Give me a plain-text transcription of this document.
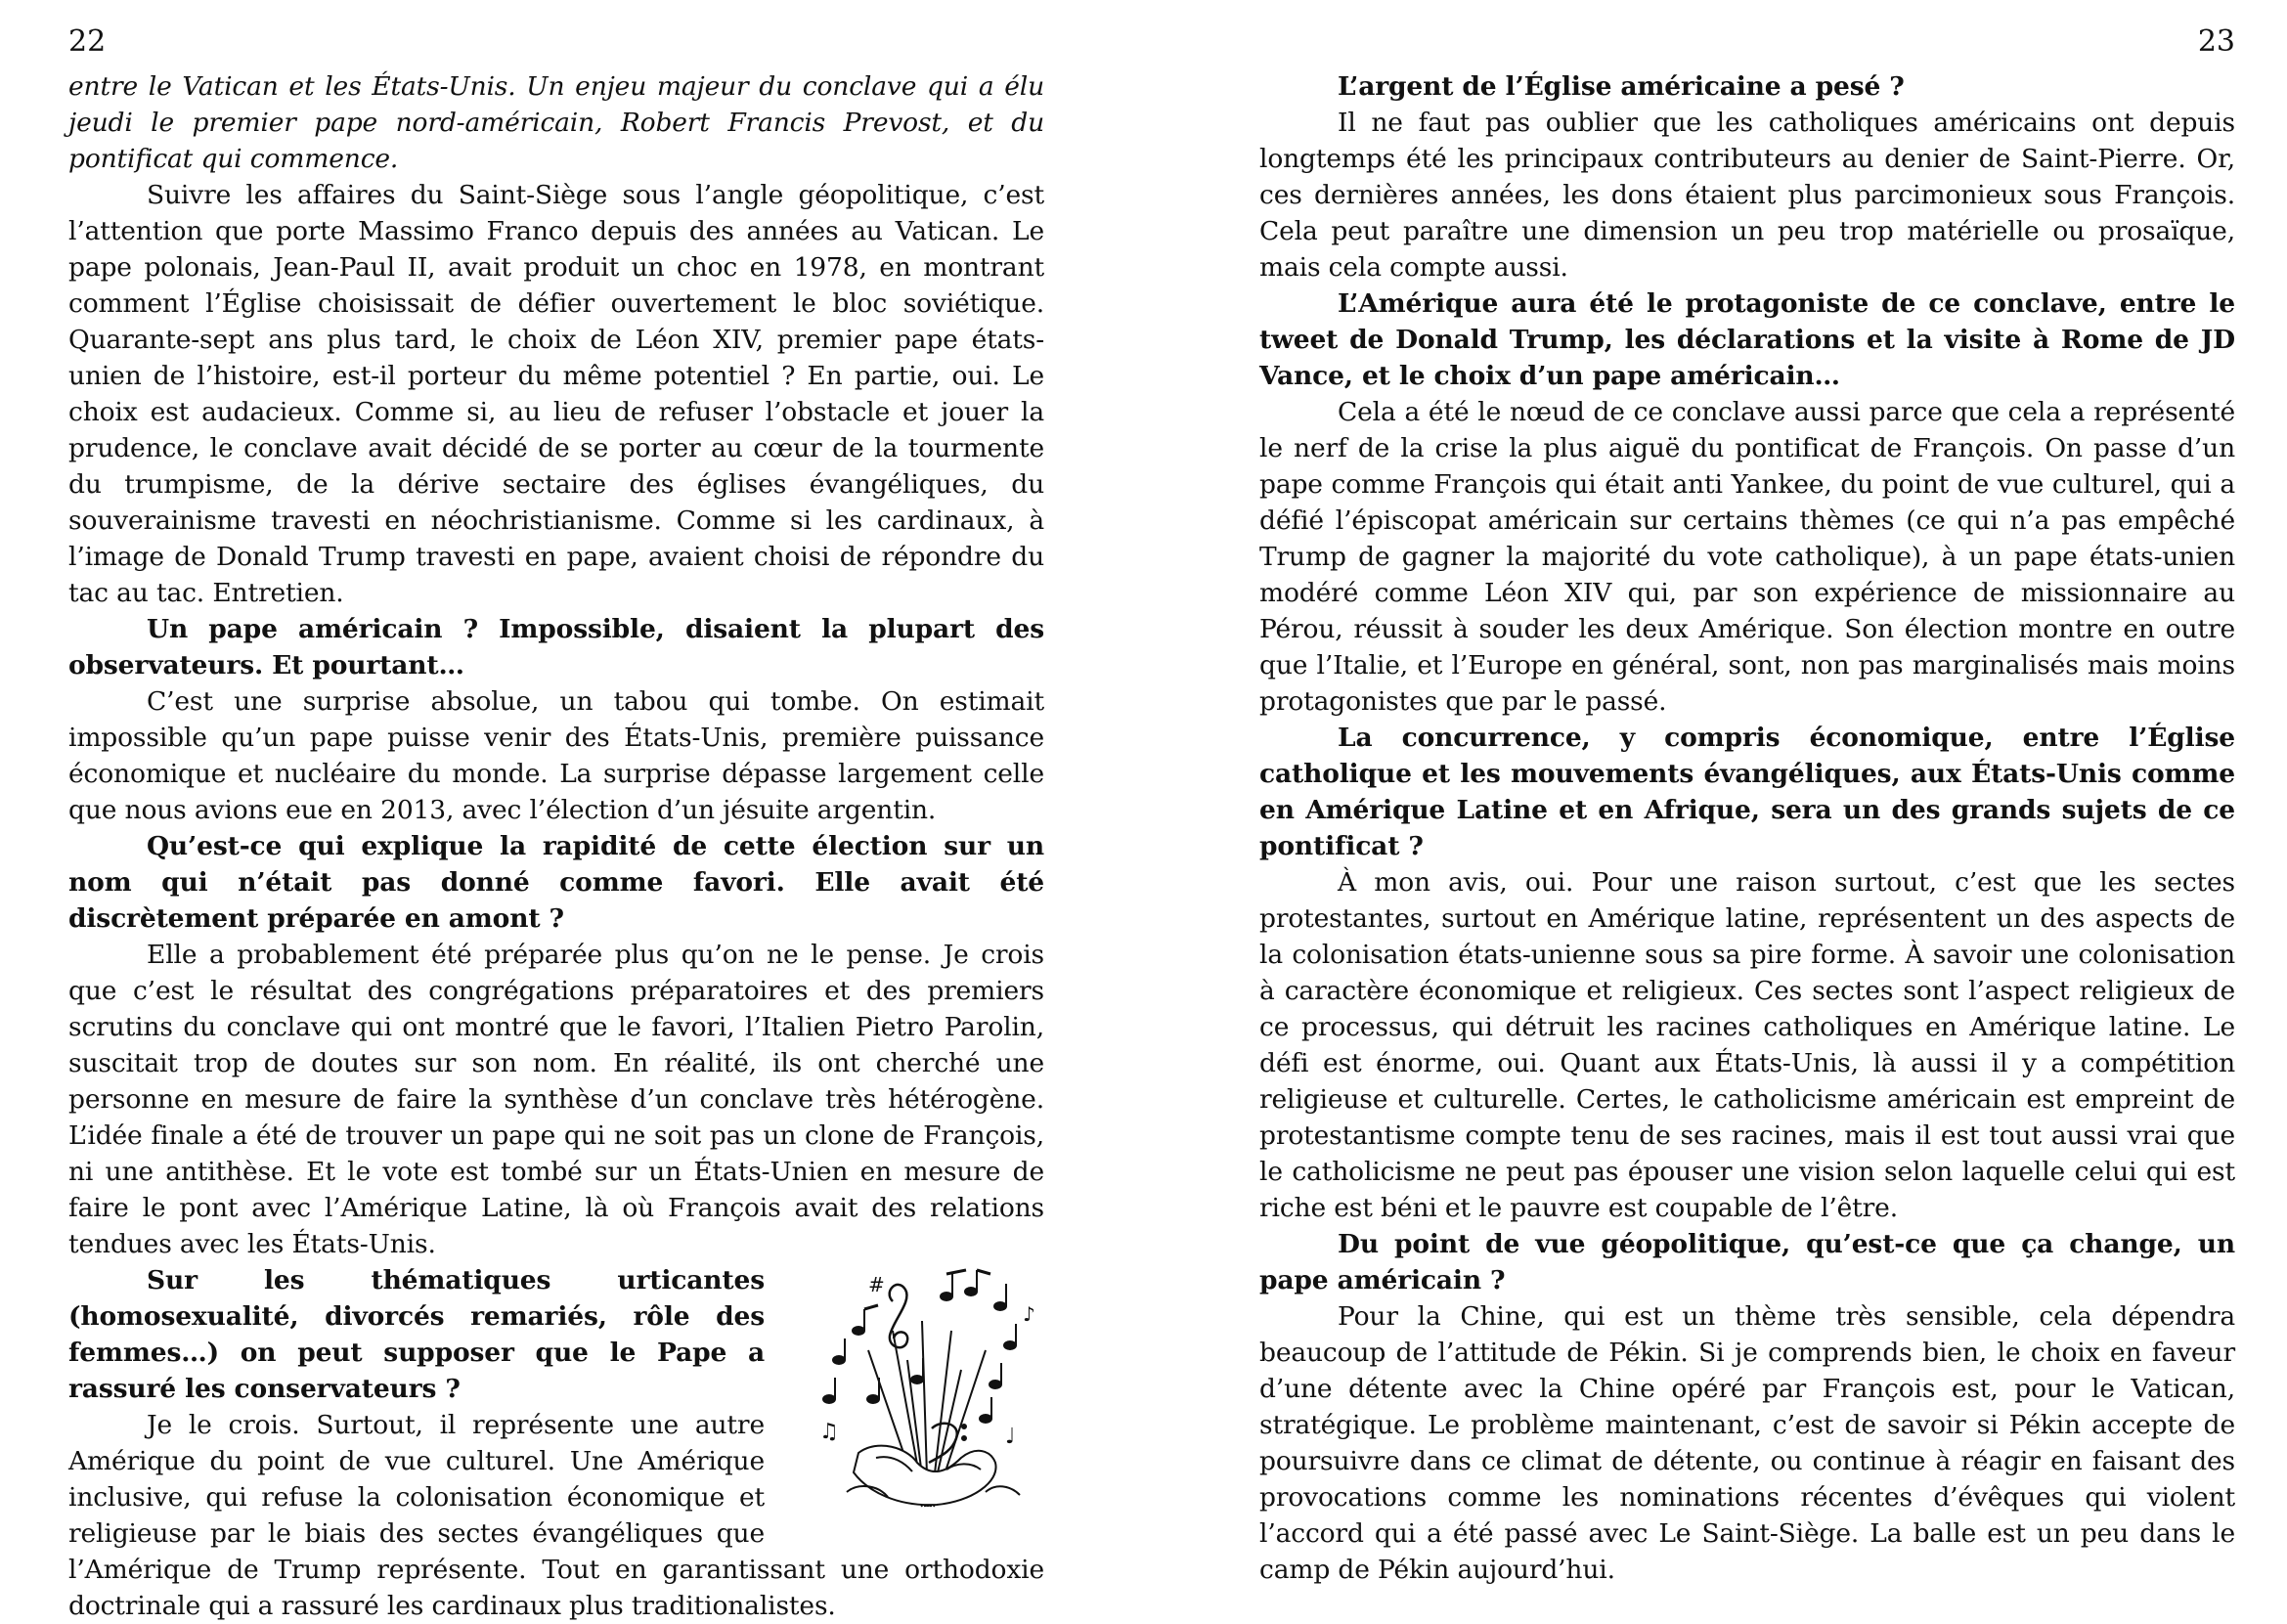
22

entre le Vatican et les États-Unis. Un enjeu majeur du conclave qui a élu jeudi le premier pape nord-américain, Robert Francis Prevost, et du pontificat qui commence.

Suivre les affaires du Saint-Siège sous l’angle géopolitique, c’est l’attention que porte Massimo Franco depuis des années au Vatican. Le pape polonais, Jean-Paul II, avait produit un choc en 1978, en montrant comment l’Église choisissait de défier ouvertement le bloc soviétique. Quarante-sept ans plus tard, le choix de Léon XIV, premier pape états-unien de l’histoire, est-il porteur du même potentiel ? En partie, oui. Le choix est audacieux. Comme si, au lieu de refuser l’obstacle et jouer la prudence, le conclave avait décidé de se porter au cœur de la tourmente du trumpisme, de la dérive sectaire des églises évangéliques, du souverainisme travesti en néochristianisme. Comme si les cardinaux, à l’image de Donald Trump travesti en pape, avaient choisi de répondre du tac au tac. Entretien.

Un pape américain ? Impossible, disaient la plupart des observateurs. Et pourtant…

C’est une surprise absolue, un tabou qui tombe. On estimait impossible qu’un pape puisse venir des États-Unis, première puissance économique et nucléaire du monde. La surprise dépasse largement celle que nous avions eue en 2013, avec l’élection d’un jésuite argentin.

Qu’est-ce qui explique la rapidité de cette élection sur un nom qui n’était pas donné comme favori. Elle avait été discrètement préparée en amont ?

Elle a probablement été préparée plus qu’on ne le pense. Je crois que c’est le résultat des congrégations préparatoires et des premiers scrutins du conclave qui ont montré que le favori, l’Italien Pietro Parolin, suscitait trop de doutes sur son nom. En réalité, ils ont cherché une personne en mesure de faire la synthèse d’un conclave très hétérogène. L’idée finale a été de trouver un pape qui ne soit pas un clone de François, ni une antithèse. Et le vote est tombé sur un États-Unien en mesure de faire le pont avec l’Amérique Latine, là où François avait des relations tendues avec les États-Unis.

#
♪
♫	♩

Sur les thématiques urticantes (homosexualité, divorcés remariés, rôle des femmes…) on peut supposer que le Pape a rassuré les conservateurs ?

Je le crois. Surtout, il représente une autre Amérique du point de vue culturel. Une Amérique inclusive, qui refuse la colonisation économique et religieuse par le biais des sectes évangéliques que l’Amérique de Trump représente. Tout en garantissant une orthodoxie doctrinale qui a rassuré les cardinaux plus traditionalistes.

23

L’argent de l’Église américaine a pesé ?

Il ne faut pas oublier que les catholiques américains ont depuis longtemps été les principaux contributeurs au denier de Saint-Pierre. Or, ces dernières années, les dons étaient plus parcimonieux sous François. Cela peut paraître une dimension un peu trop matérielle ou prosaïque, mais cela compte aussi.

L’Amérique aura été le protagoniste de ce conclave, entre le tweet de Donald Trump, les déclarations et la visite à Rome de JD Vance, et le choix d’un pape américain…

Cela a été le nœud de ce conclave aussi parce que cela a représenté le nerf de la crise la plus aiguë du pontificat de François. On passe d’un pape comme François qui était anti Yankee, du point de vue culturel, qui a défié l’épiscopat américain sur certains thèmes (ce qui n’a pas empêché Trump de gagner la majorité du vote catholique), à un pape états-unien modéré comme Léon XIV qui, par son expérience de missionnaire au Pérou, réussit à souder les deux Amérique. Son élection montre en outre que l’Italie, et l’Europe en général, sont, non pas marginalisés mais moins protagonistes que par le passé.

La concurrence, y compris économique, entre l’Église catholique et les mouvements évangéliques, aux États-Unis comme en Amérique Latine et en Afrique, sera un des grands sujets de ce pontificat ?

À mon avis, oui. Pour une raison surtout, c’est que les sectes protestantes, surtout en Amérique latine, représentent un des aspects de la colonisation états-unienne sous sa pire forme. À savoir une colonisation à caractère économique et religieux. Ces sectes sont l’aspect religieux de ce processus, qui détruit les racines catholiques en Amérique latine. Le défi est énorme, oui. Quant aux États-Unis, là aussi il y a compétition religieuse et culturelle. Certes, le catholicisme américain est empreint de protestantisme compte tenu de ses racines, mais il est tout aussi vrai que le catholicisme ne peut pas épouser une vision selon laquelle celui qui est riche est béni et le pauvre est coupable de l’être.

Du point de vue géopolitique, qu’est-ce que ça change, un pape américain ?

Pour la Chine, qui est un thème très sensible, cela dépendra beaucoup de l’attitude de Pékin. Si je comprends bien, le choix en faveur d’une détente avec la Chine opéré par François est, pour le Vatican, stratégique. Le problème maintenant, c’est de savoir si Pékin accepte de poursuivre dans ce climat de détente, ou continue à réagir en faisant des provocations comme les nominations récentes d’évêques qui violent l’accord qui a été passé avec Le Saint-Siège. La balle est un peu dans le camp de Pékin aujourd’hui.
